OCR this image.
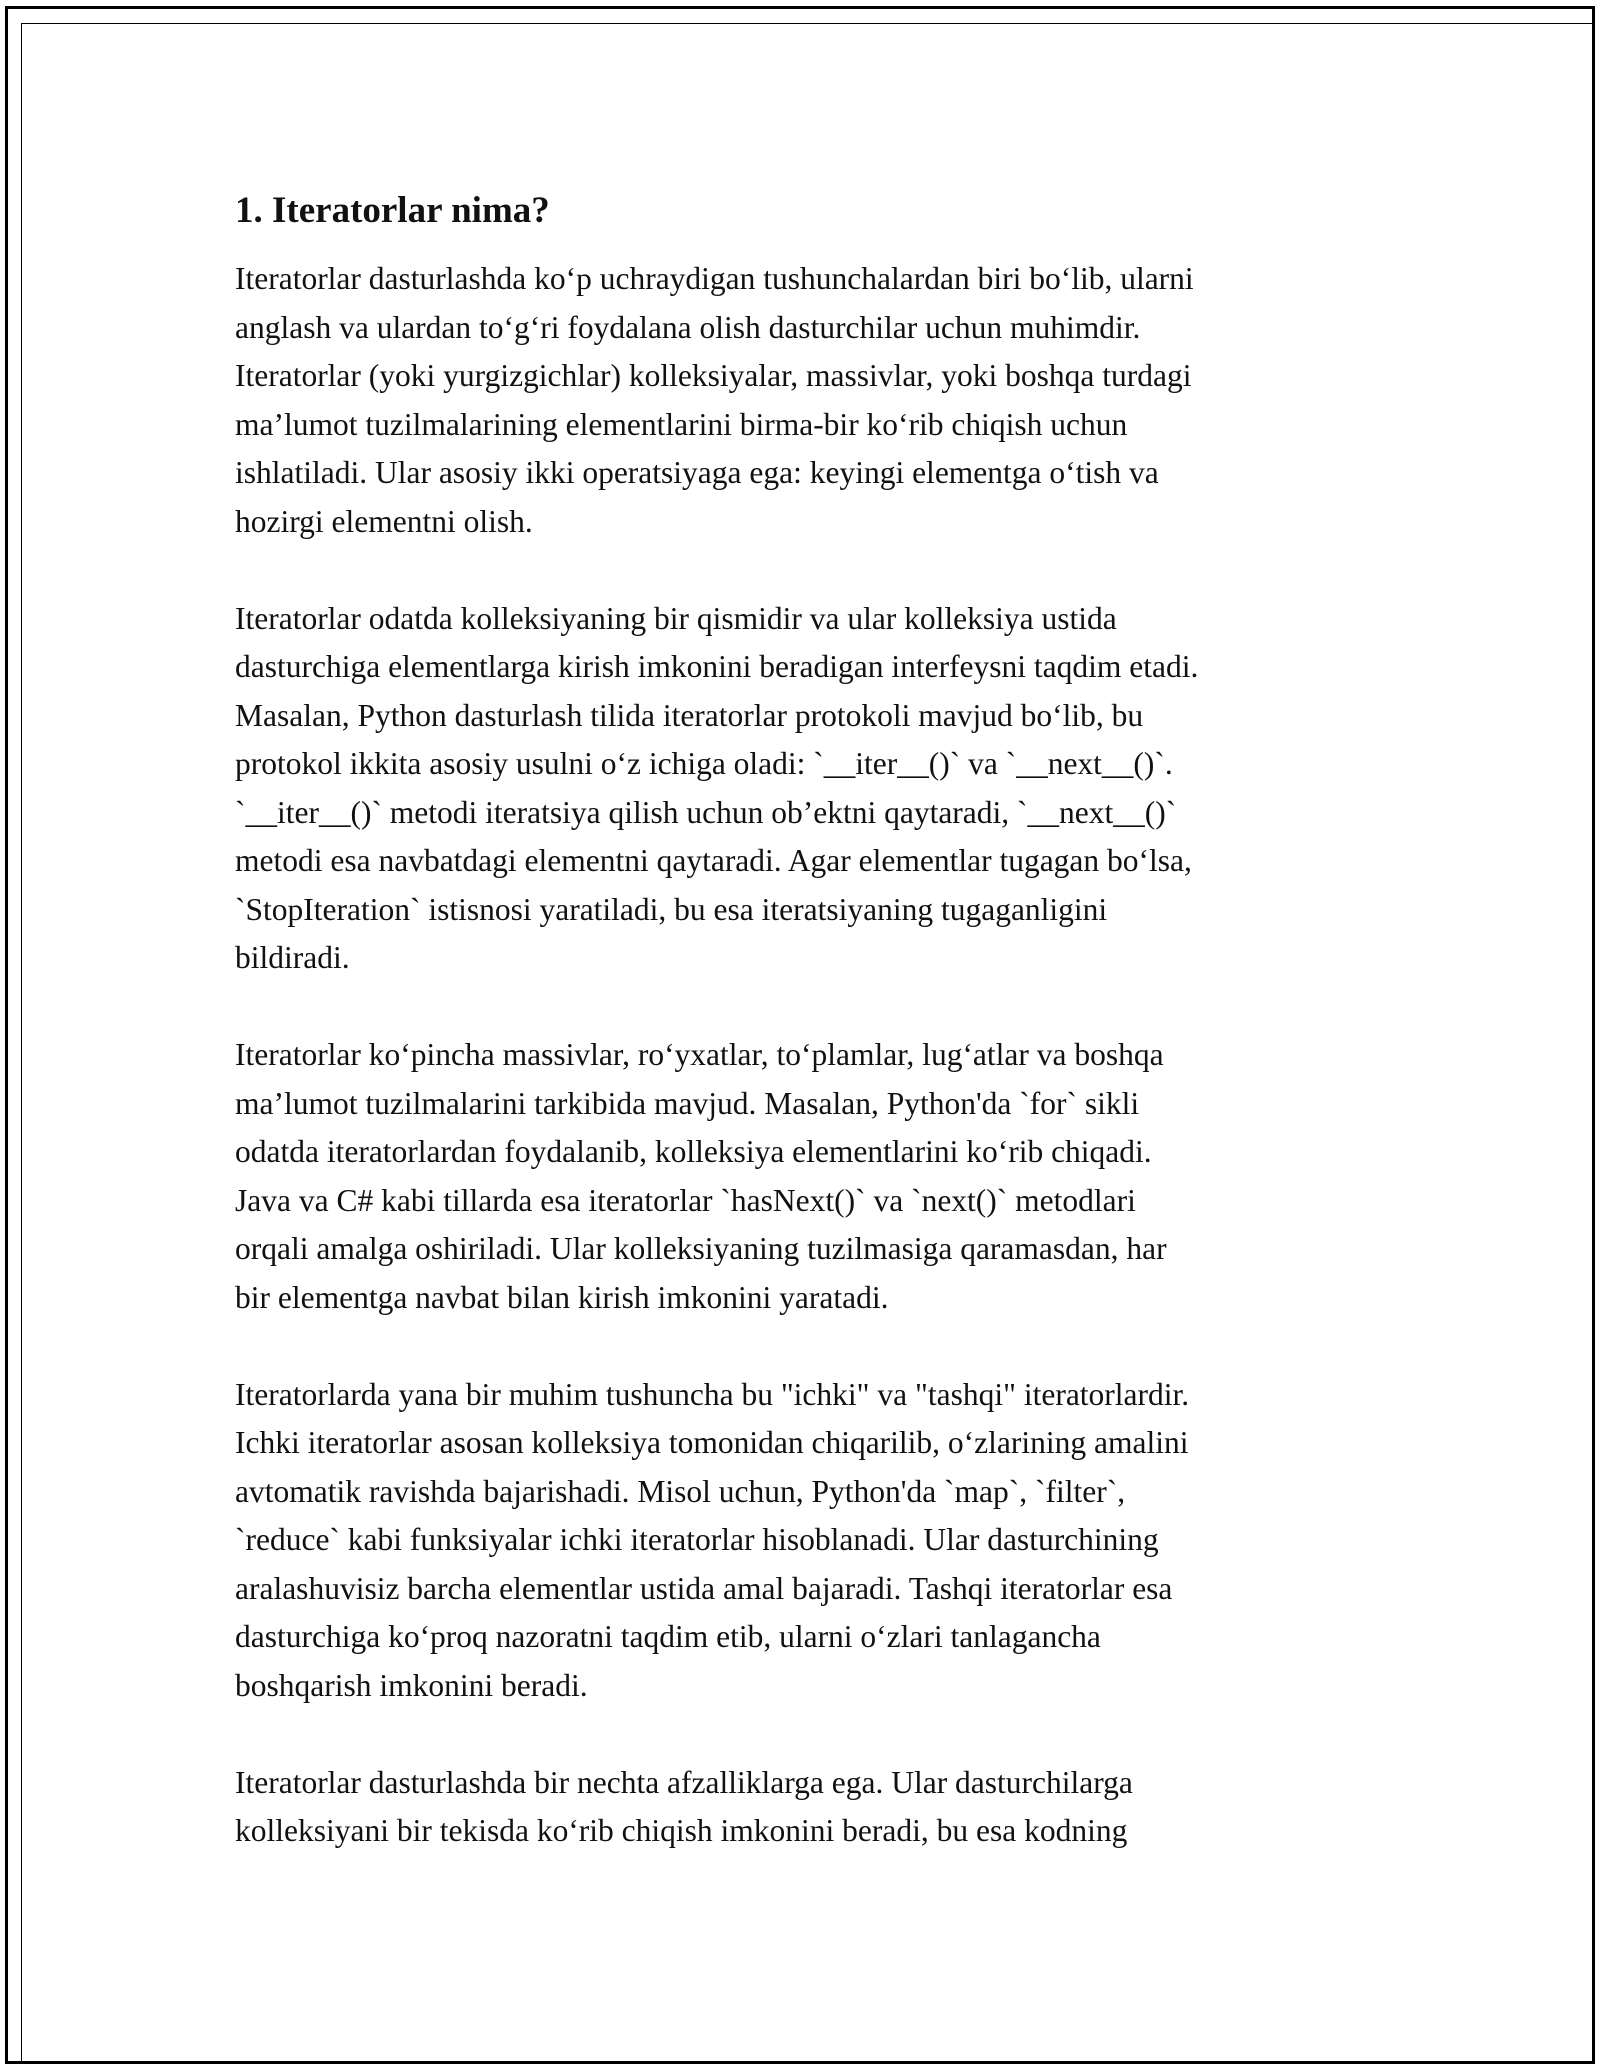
1. Iteratorlar nima?
Iteratorlar dasturlashda ko‘p uchraydigan tushunchalardan biri bo‘lib, ularni
anglash va ulardan to‘g‘ri foydalana olish dasturchilar uchun muhimdir.
Iteratorlar (yoki yurgizgichlar) kolleksiyalar, massivlar, yoki boshqa turdagi
ma’lumot tuzilmalarining elementlarini birma-bir ko‘rib chiqish uchun
ishlatiladi. Ular asosiy ikki operatsiyaga ega: keyingi elementga o‘tish va
hozirgi elementni olish.
Iteratorlar odatda kolleksiyaning bir qismidir va ular kolleksiya ustida
dasturchiga elementlarga kirish imkonini beradigan interfeysni taqdim etadi.
Masalan, Python dasturlash tilida iteratorlar protokoli mavjud bo‘lib, bu
protokol ikkita asosiy usulni o‘z ichiga oladi: `__iter__()` va `__next__()`.
`__iter__()` metodi iteratsiya qilish uchun ob’ektni qaytaradi, `__next__()`
metodi esa navbatdagi elementni qaytaradi. Agar elementlar tugagan bo‘lsa,
`StopIteration` istisnosi yaratiladi, bu esa iteratsiyaning tugaganligini
bildiradi.
Iteratorlar ko‘pincha massivlar, ro‘yxatlar, to‘plamlar, lug‘atlar va boshqa
ma’lumot tuzilmalarini tarkibida mavjud. Masalan, Python'da `for` sikli
odatda iteratorlardan foydalanib, kolleksiya elementlarini ko‘rib chiqadi.
Java va C# kabi tillarda esa iteratorlar `hasNext()` va `next()` metodlari
orqali amalga oshiriladi. Ular kolleksiyaning tuzilmasiga qaramasdan, har
bir elementga navbat bilan kirish imkonini yaratadi.
Iteratorlarda yana bir muhim tushuncha bu "ichki" va "tashqi" iteratorlardir.
Ichki iteratorlar asosan kolleksiya tomonidan chiqarilib, o‘zlarining amalini
avtomatik ravishda bajarishadi. Misol uchun, Python'da `map`, `filter`,
`reduce` kabi funksiyalar ichki iteratorlar hisoblanadi. Ular dasturchining
aralashuvisiz barcha elementlar ustida amal bajaradi. Tashqi iteratorlar esa
dasturchiga ko‘proq nazoratni taqdim etib, ularni o‘zlari tanlagancha
boshqarish imkonini beradi.
Iteratorlar dasturlashda bir nechta afzalliklarga ega. Ular dasturchilarga
kolleksiyani bir tekisda ko‘rib chiqish imkonini beradi, bu esa kodning
